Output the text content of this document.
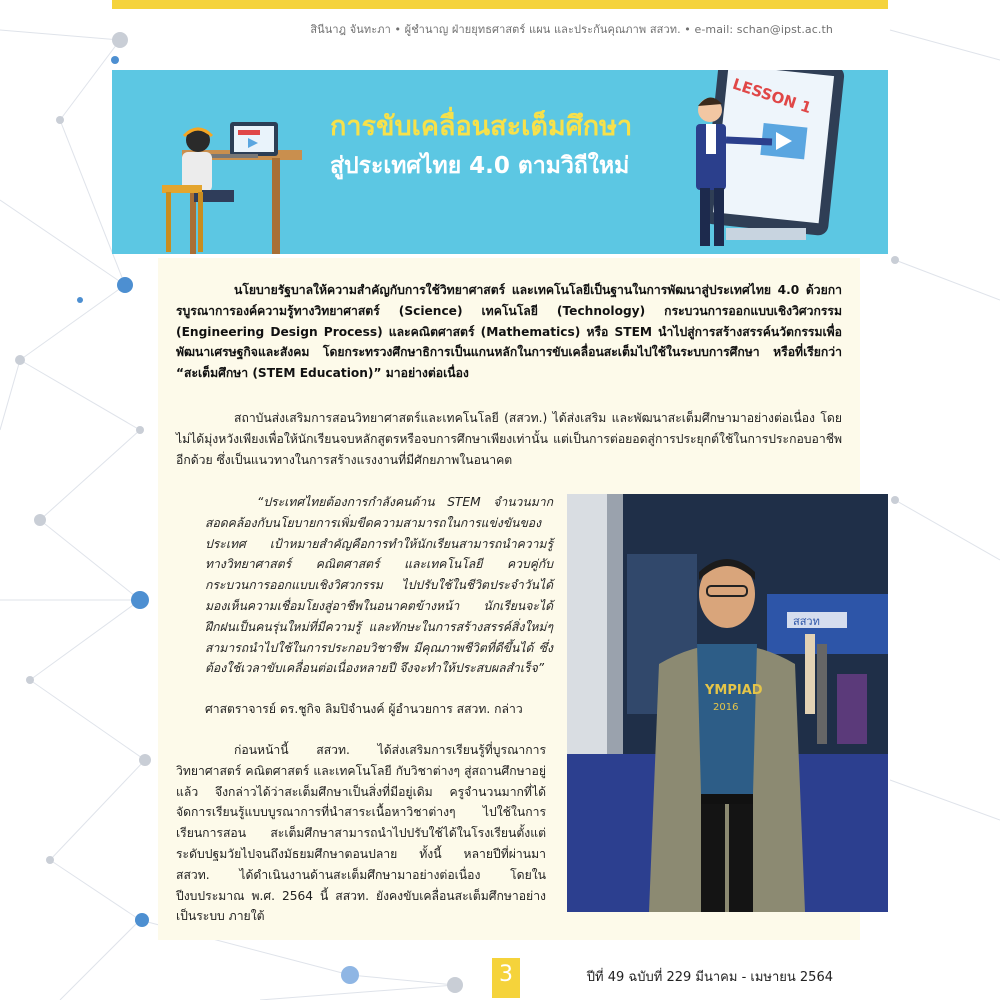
สินีนาฎ จันทะภา • ผู้ชำนาญ ฝ่ายยุทธศาสตร์ แผน และประกันคุณภาพ สสวท. • e-mail: schan@ipst.ac.th
LESSON 1
การขับเคลื่อนสะเต็มศึกษา
สู่ประเทศไทย 4.0 ตามวิถีใหม่
นโยบายรัฐบาลให้ความสำคัญกับการใช้วิทยาศาสตร์ และเทคโนโลยีเป็นฐานในการพัฒนาสู่ประเทศไทย 4.0 ด้วยการบูรณาการองค์ความรู้ทางวิทยาศาสตร์ (Science) เทคโนโลยี (Technology) กระบวนการออกแบบเชิงวิศวกรรม (Engineering Design Process) และคณิตศาสตร์ (Mathematics) หรือ STEM นำไปสู่การสร้างสรรค์นวัตกรรมเพื่อพัฒนาเศรษฐกิจและสังคม โดยกระทรวงศึกษาธิการเป็นแกนหลักในการขับเคลื่อนสะเต็มไปใช้ในระบบการศึกษา หรือที่เรียกว่า “สะเต็มศึกษา (STEM Education)” มาอย่างต่อเนื่อง
สถาบันส่งเสริมการสอนวิทยาศาสตร์และเทคโนโลยี (สสวท.) ได้ส่งเสริม และพัฒนาสะเต็มศึกษามาอย่างต่อเนื่อง โดยไม่ได้มุ่งหวังเพียงเพื่อให้นักเรียนจบหลักสูตรหรือจบการศึกษาเพียงเท่านั้น แต่เป็นการต่อยอดสู่การประยุกต์ใช้ในการประกอบอาชีพอีกด้วย ซึ่งเป็นแนวทางในการสร้างแรงงานที่มีศักยภาพในอนาคต
“ประเทศไทยต้องการกำลังคนด้าน STEM จำนวนมาก สอดคล้องกับนโยบายการเพิ่มขีดความสามารถในการแข่งขันของประเทศ เป้าหมายสำคัญคือการทำให้นักเรียนสามารถนำความรู้ทางวิทยาศาสตร์ คณิตศาสตร์ และเทคโนโลยี ควบคู่กับกระบวนการออกแบบเชิงวิศวกรรม ไปปรับใช้ในชีวิตประจำวันได้ มองเห็นความเชื่อมโยงสู่อาชีพในอนาคตข้างหน้า นักเรียนจะได้ฝึกฝนเป็นคนรุ่นใหม่ที่มีความรู้ และทักษะในการสร้างสรรค์สิ่งใหม่ๆ สามารถนำไปใช้ในการประกอบวิชาชีพ มีคุณภาพชีวิตที่ดีขึ้นได้ ซึ่งต้องใช้เวลาขับเคลื่อนต่อเนื่องหลายปี จึงจะทำให้ประสบผลสำเร็จ”
ศาสตราจารย์ ดร.ชูกิจ ลิมปิจำนงค์ ผู้อำนวยการ สสวท. กล่าว
ก่อนหน้านี้ สสวท. ได้ส่งเสริมการเรียนรู้ที่บูรณาการวิทยาศาสตร์ คณิตศาสตร์ และเทคโนโลยี กับวิชาต่างๆ สู่สถานศึกษาอยู่แล้ว จึงกล่าวได้ว่าสะเต็มศึกษาเป็นสิ่งที่มีอยู่เดิม ครูจำนวนมากที่ได้จัดการเรียนรู้แบบบูรณาการที่นำสาระเนื้อหาวิชาต่างๆ ไปใช้ในการเรียนการสอน สะเต็มศึกษาสามารถนำไปปรับใช้ได้ในโรงเรียนตั้งแต่ระดับปฐมวัยไปจนถึงมัธยมศึกษาตอนปลาย ทั้งนี้ หลายปีที่ผ่านมา สสวท. ได้ดำเนินงานด้านสะเต็มศึกษามาอย่างต่อเนื่อง โดยในปีงบประมาณ พ.ศ. 2564 นี้ สสวท. ยังคงขับเคลื่อนสะเต็มศึกษาอย่างเป็นระบบ ภายใต้
สสวท
YMPIAD
2016
3	ปีที่ 49 ฉบับที่ 229 มีนาคม - เมษายน 2564
